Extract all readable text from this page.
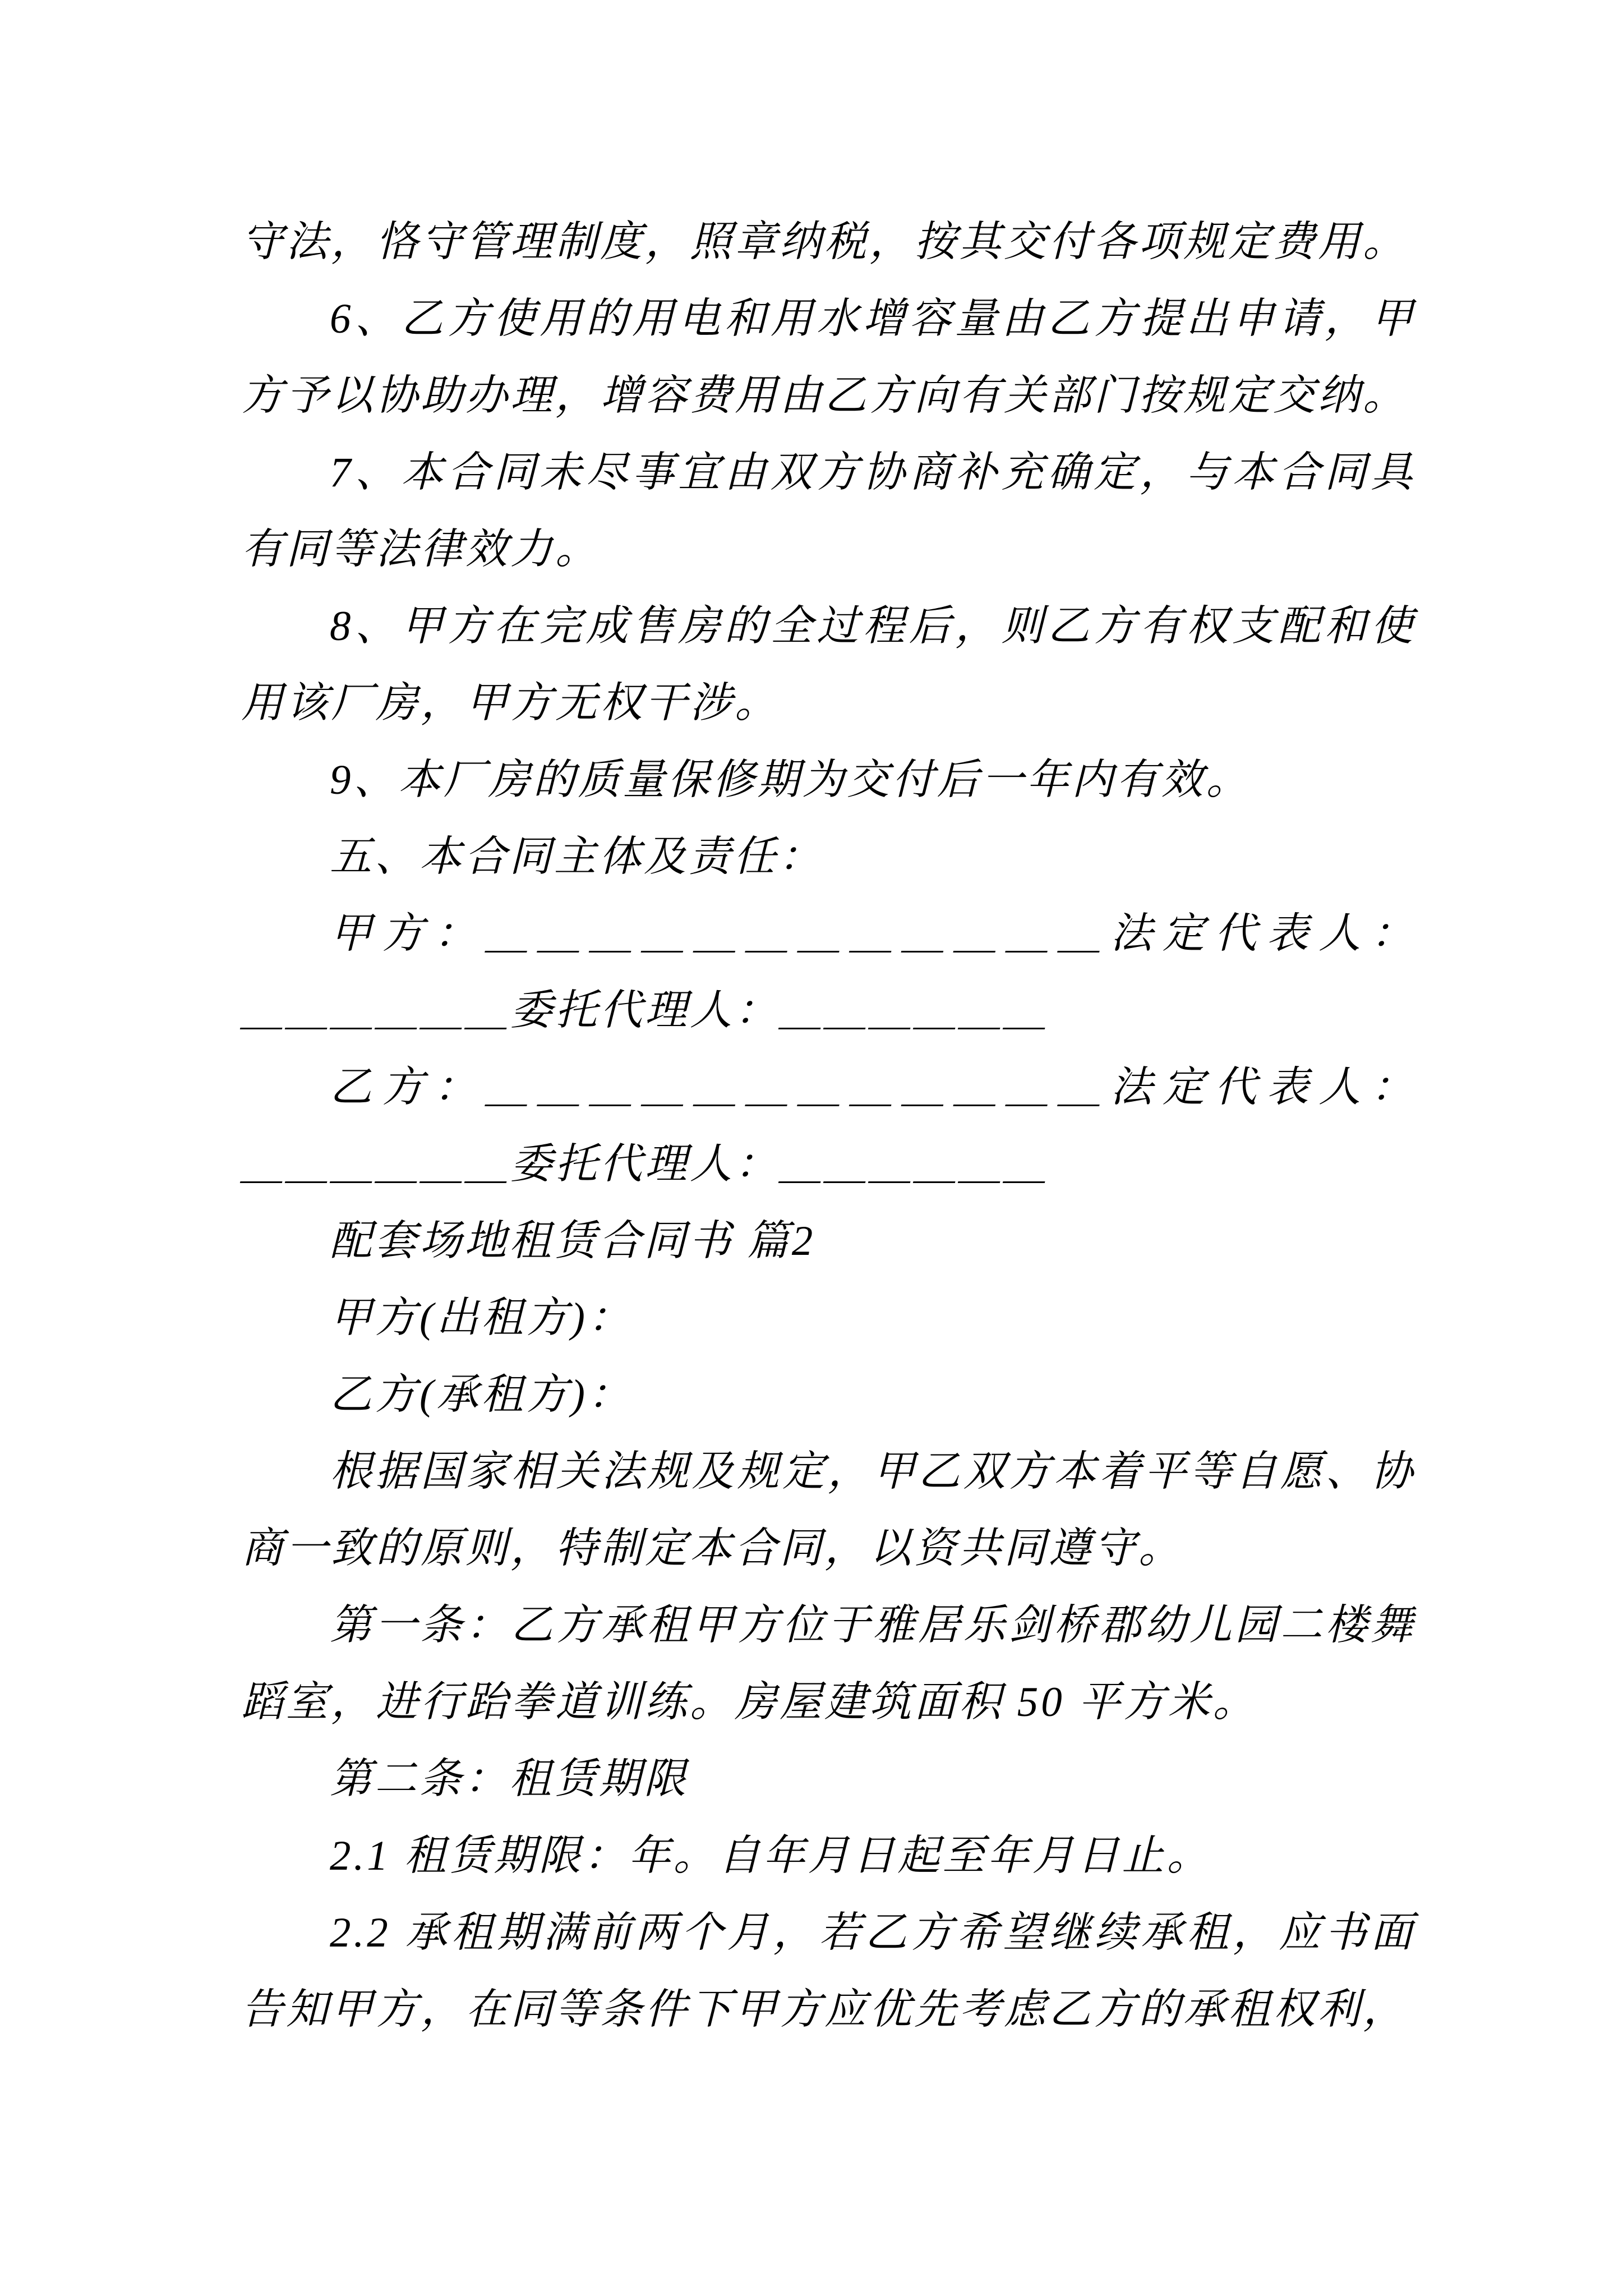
守法，恪守管理制度，照章纳税，按其交付各项规定费用。

6、乙方使用的用电和用水增容量由乙方提出申请，甲方予以协助办理，增容费用由乙方向有关部门按规定交纳。

7、本合同未尽事宜由双方协商补充确定，与本合同具有同等法律效力。

8、甲方在完成售房的全过程后，则乙方有权支配和使用该厂房，甲方无权干涉。

9、本厂房的质量保修期为交付后一年内有效。

五、本合同主体及责任：

甲方：＿＿＿＿＿＿＿＿＿＿＿＿法定代表人：

＿＿＿＿＿＿委托代理人：＿＿＿＿＿＿

乙方：＿＿＿＿＿＿＿＿＿＿＿＿法定代表人：

＿＿＿＿＿＿委托代理人：＿＿＿＿＿＿

配套场地租赁合同书 篇2

甲方(出租方)：

乙方(承租方)：

根据国家相关法规及规定，甲乙双方本着平等自愿、协商一致的原则，特制定本合同，以资共同遵守。

第一条：乙方承租甲方位于雅居乐剑桥郡幼儿园二楼舞蹈室，进行跆拳道训练。房屋建筑面积 50 平方米。

第二条：租赁期限

2.1 租赁期限：年。自年月日起至年月日止。

2.2 承租期满前两个月，若乙方希望继续承租，应书面告知甲方，在同等条件下甲方应优先考虑乙方的承租权利，
